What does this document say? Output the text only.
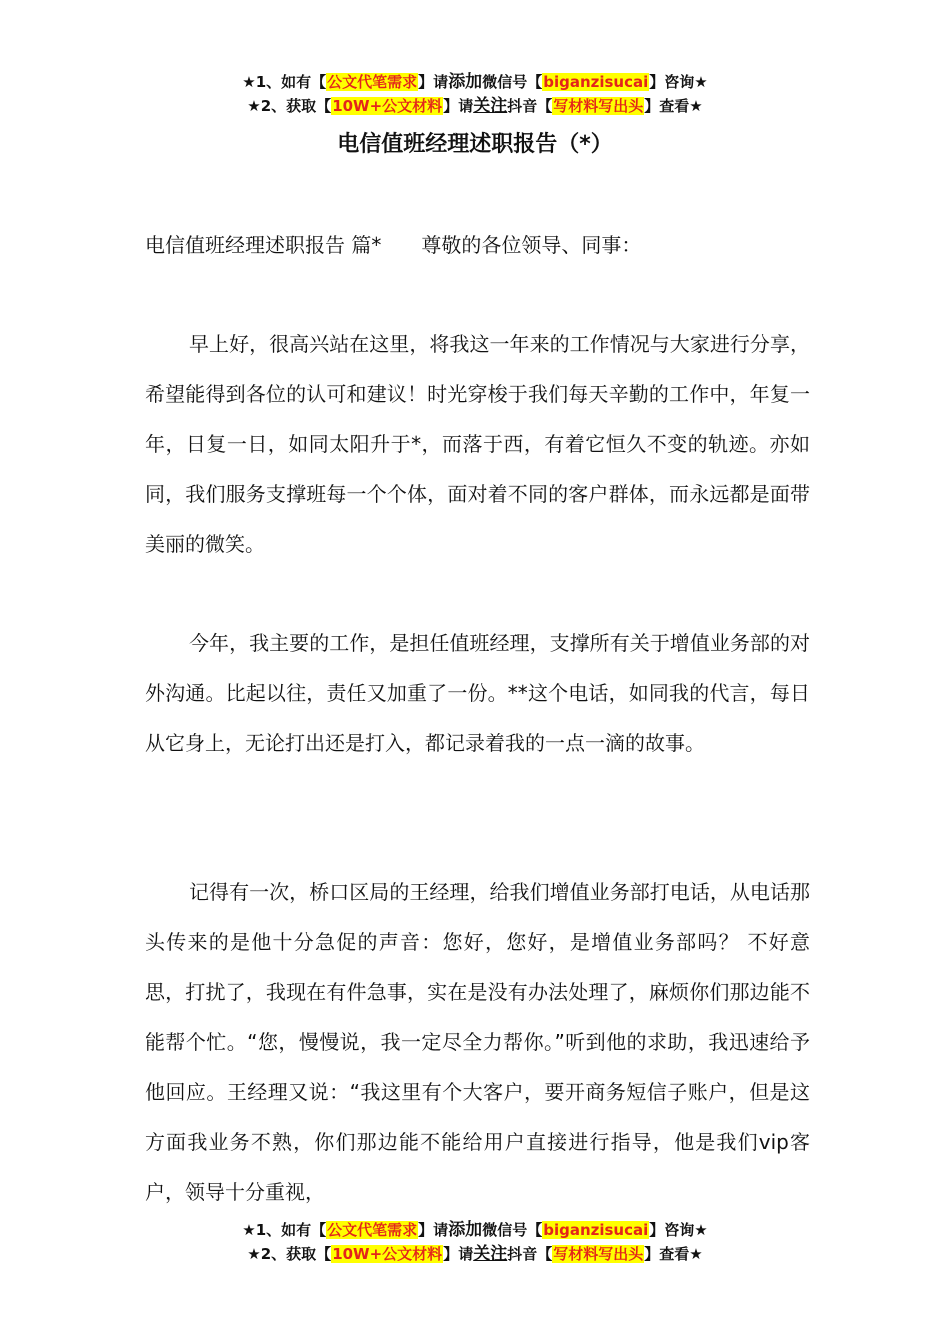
★1、如有【公文代笔需求】请添加微信号【biganzisucai】咨询★
★2、获取【10W+公文材料】请关注抖音【写材料写出头】查看★
电信值班经理述职报告（*）
电信值班经理述职报告 篇* 尊敬的各位领导、同事：

早上好，很高兴站在这里，将我这一年来的工作情况与大家进行分享，希望能得到各位的认可和建议！时光穿梭于我们每天辛勤的工作中，年复一年，日复一日，如同太阳升于*，而落于西，有着它恒久不变的轨迹。亦如同，我们服务支撑班每一个个体，面对着不同的客户群体，而永远都是面带美丽的微笑。

今年，我主要的工作，是担任值班经理，支撑所有关于增值业务部的对外沟通。比起以往，责任又加重了一份。**这个电话，如同我的代言，每日从它身上，无论打出还是打入，都记录着我的一点一滴的故事。

记得有一次，桥口区局的王经理，给我们增值业务部打电话，从电话那头传来的是他十分急促的声音：您好，您好，是增值业务部吗？ 不好意思，打扰了，我现在有件急事，实在是没有办法处理了，麻烦你们那边能不能帮个忙。“您，慢慢说，我一定尽全力帮你。”听到他的求助，我迅速给予他回应。王经理又说：“我这里有个大客户，要开商务短信子账户，但是这方面我业务不熟，你们那边能不能给用户直接进行指导，他是我们vip客户，领导十分重视，

★1、如有【公文代笔需求】请添加微信号【biganzisucai】咨询★
★2、获取【10W+公文材料】请关注抖音【写材料写出头】查看★
